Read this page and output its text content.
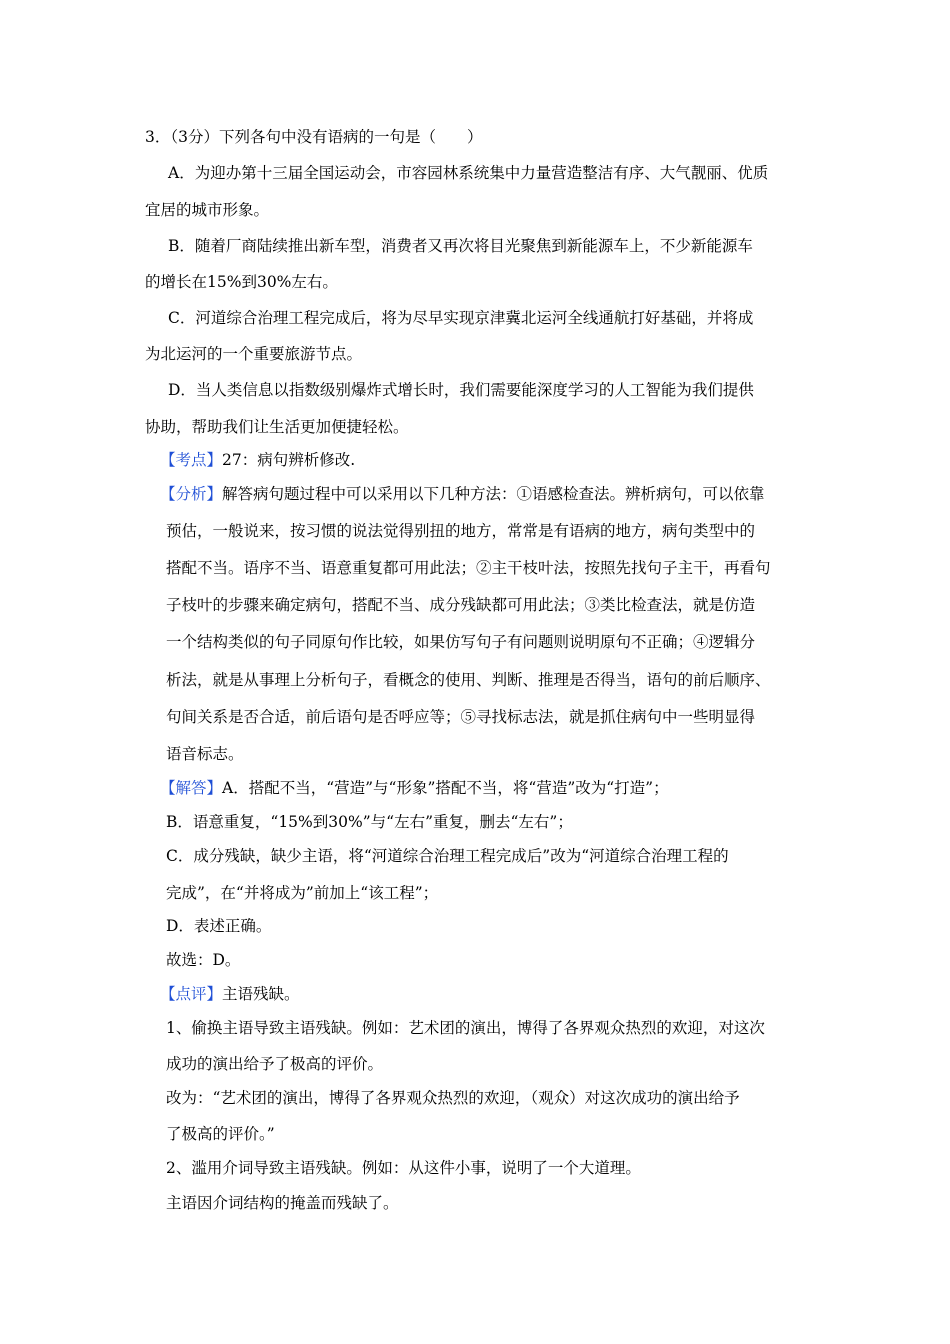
3．（3分）下列各句中没有语病的一句是（　　）
A．为迎办第十三届全国运动会，市容园林系统集中力量营造整洁有序、大气靓丽、优质
宜居的城市形象。
B．随着厂商陆续推出新车型，消费者又再次将目光聚焦到新能源车上，不少新能源车
的增长在15%到30%左右。
C．河道综合治理工程完成后，将为尽早实现京津冀北运河全线通航打好基础，并将成
为北运河的一个重要旅游节点。
D．当人类信息以指数级别爆炸式增长时，我们需要能深度学习的人工智能为我们提供
协助，帮助我们让生活更加便捷轻松。
【考点】27：病句辨析修改.
【分析】解答病句题过程中可以采用以下几种方法：①语感检查法。辨析病句，可以依靠
预估，一般说来，按习惯的说法觉得别扭的地方，常常是有语病的地方，病句类型中的
搭配不当。语序不当、语意重复都可用此法；②主干枝叶法，按照先找句子主干，再看句
子枝叶的步骤来确定病句，搭配不当、成分残缺都可用此法；③类比检查法，就是仿造
一个结构类似的句子同原句作比较，如果仿写句子有问题则说明原句不正确；④逻辑分
析法，就是从事理上分析句子，看概念的使用、判断、推理是否得当，语句的前后顺序、
句间关系是否合适，前后语句是否呼应等；⑤寻找标志法，就是抓住病句中一些明显得
语音标志。
【解答】A．搭配不当，“营造”与“形象”搭配不当，将“营造”改为“打造”；
B．语意重复，“15%到30%”与“左右”重复，删去“左右”；
C．成分残缺，缺少主语，将“河道综合治理工程完成后”改为“河道综合治理工程的
完成”，在“并将成为”前加上“该工程”；
D．表述正确。
故选：D。
【点评】主语残缺。
1、偷换主语导致主语残缺。例如：艺术团的演出，博得了各界观众热烈的欢迎，对这次
成功的演出给予了极高的评价。
改为：“艺术团的演出，博得了各界观众热烈的欢迎，（观众）对这次成功的演出给予
了极高的评价。”
2、滥用介词导致主语残缺。例如：从这件小事，说明了一个大道理。
主语因介词结构的掩盖而残缺了。
